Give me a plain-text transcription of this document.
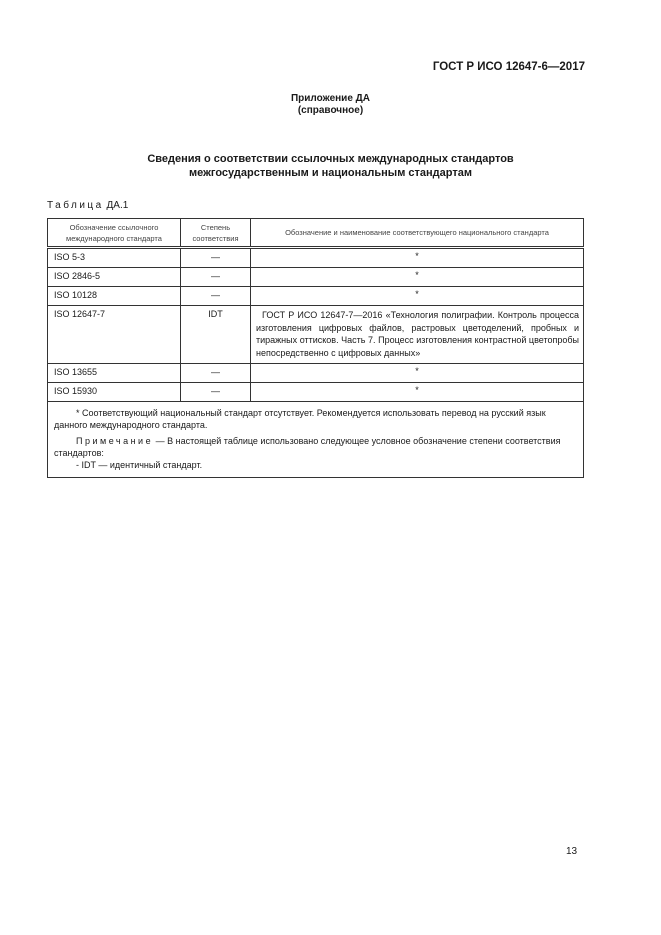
ГОСТ Р ИСО 12647-6—2017
Приложение ДА
(справочное)
Сведения о соответствии ссылочных международных стандартов
межгосударственным и национальным стандартам
Таблица ДА.1
Обозначение ссылочного международного стандарта	Степень соответствия	Обозначение и наименование соответствующего национального стандарта
ISO 5-3	—	*
ISO 2846-5	—	*
ISO 10128	—	*
ISO 12647-7	IDT	ГОСТ Р ИСО 12647-7—2016 «Технология полиграфии. Контроль процесса изготовления цифровых файлов, растровых цветоделений, пробных и тиражных оттисков. Часть 7. Процесс изготовления контрастной цветопробы непосредственно с цифровых данных»
ISO 13655	—	*
ISO 15930	—	*

* Соответствующий национальный стандарт отсутствует. Рекомендуется использовать перевод на русский язык данного международного стандарта.

Примечание — В настоящей таблице использовано следующее условное обозначение степени соответствия стандартов:

- IDT — идентичный стандарт.		

13
